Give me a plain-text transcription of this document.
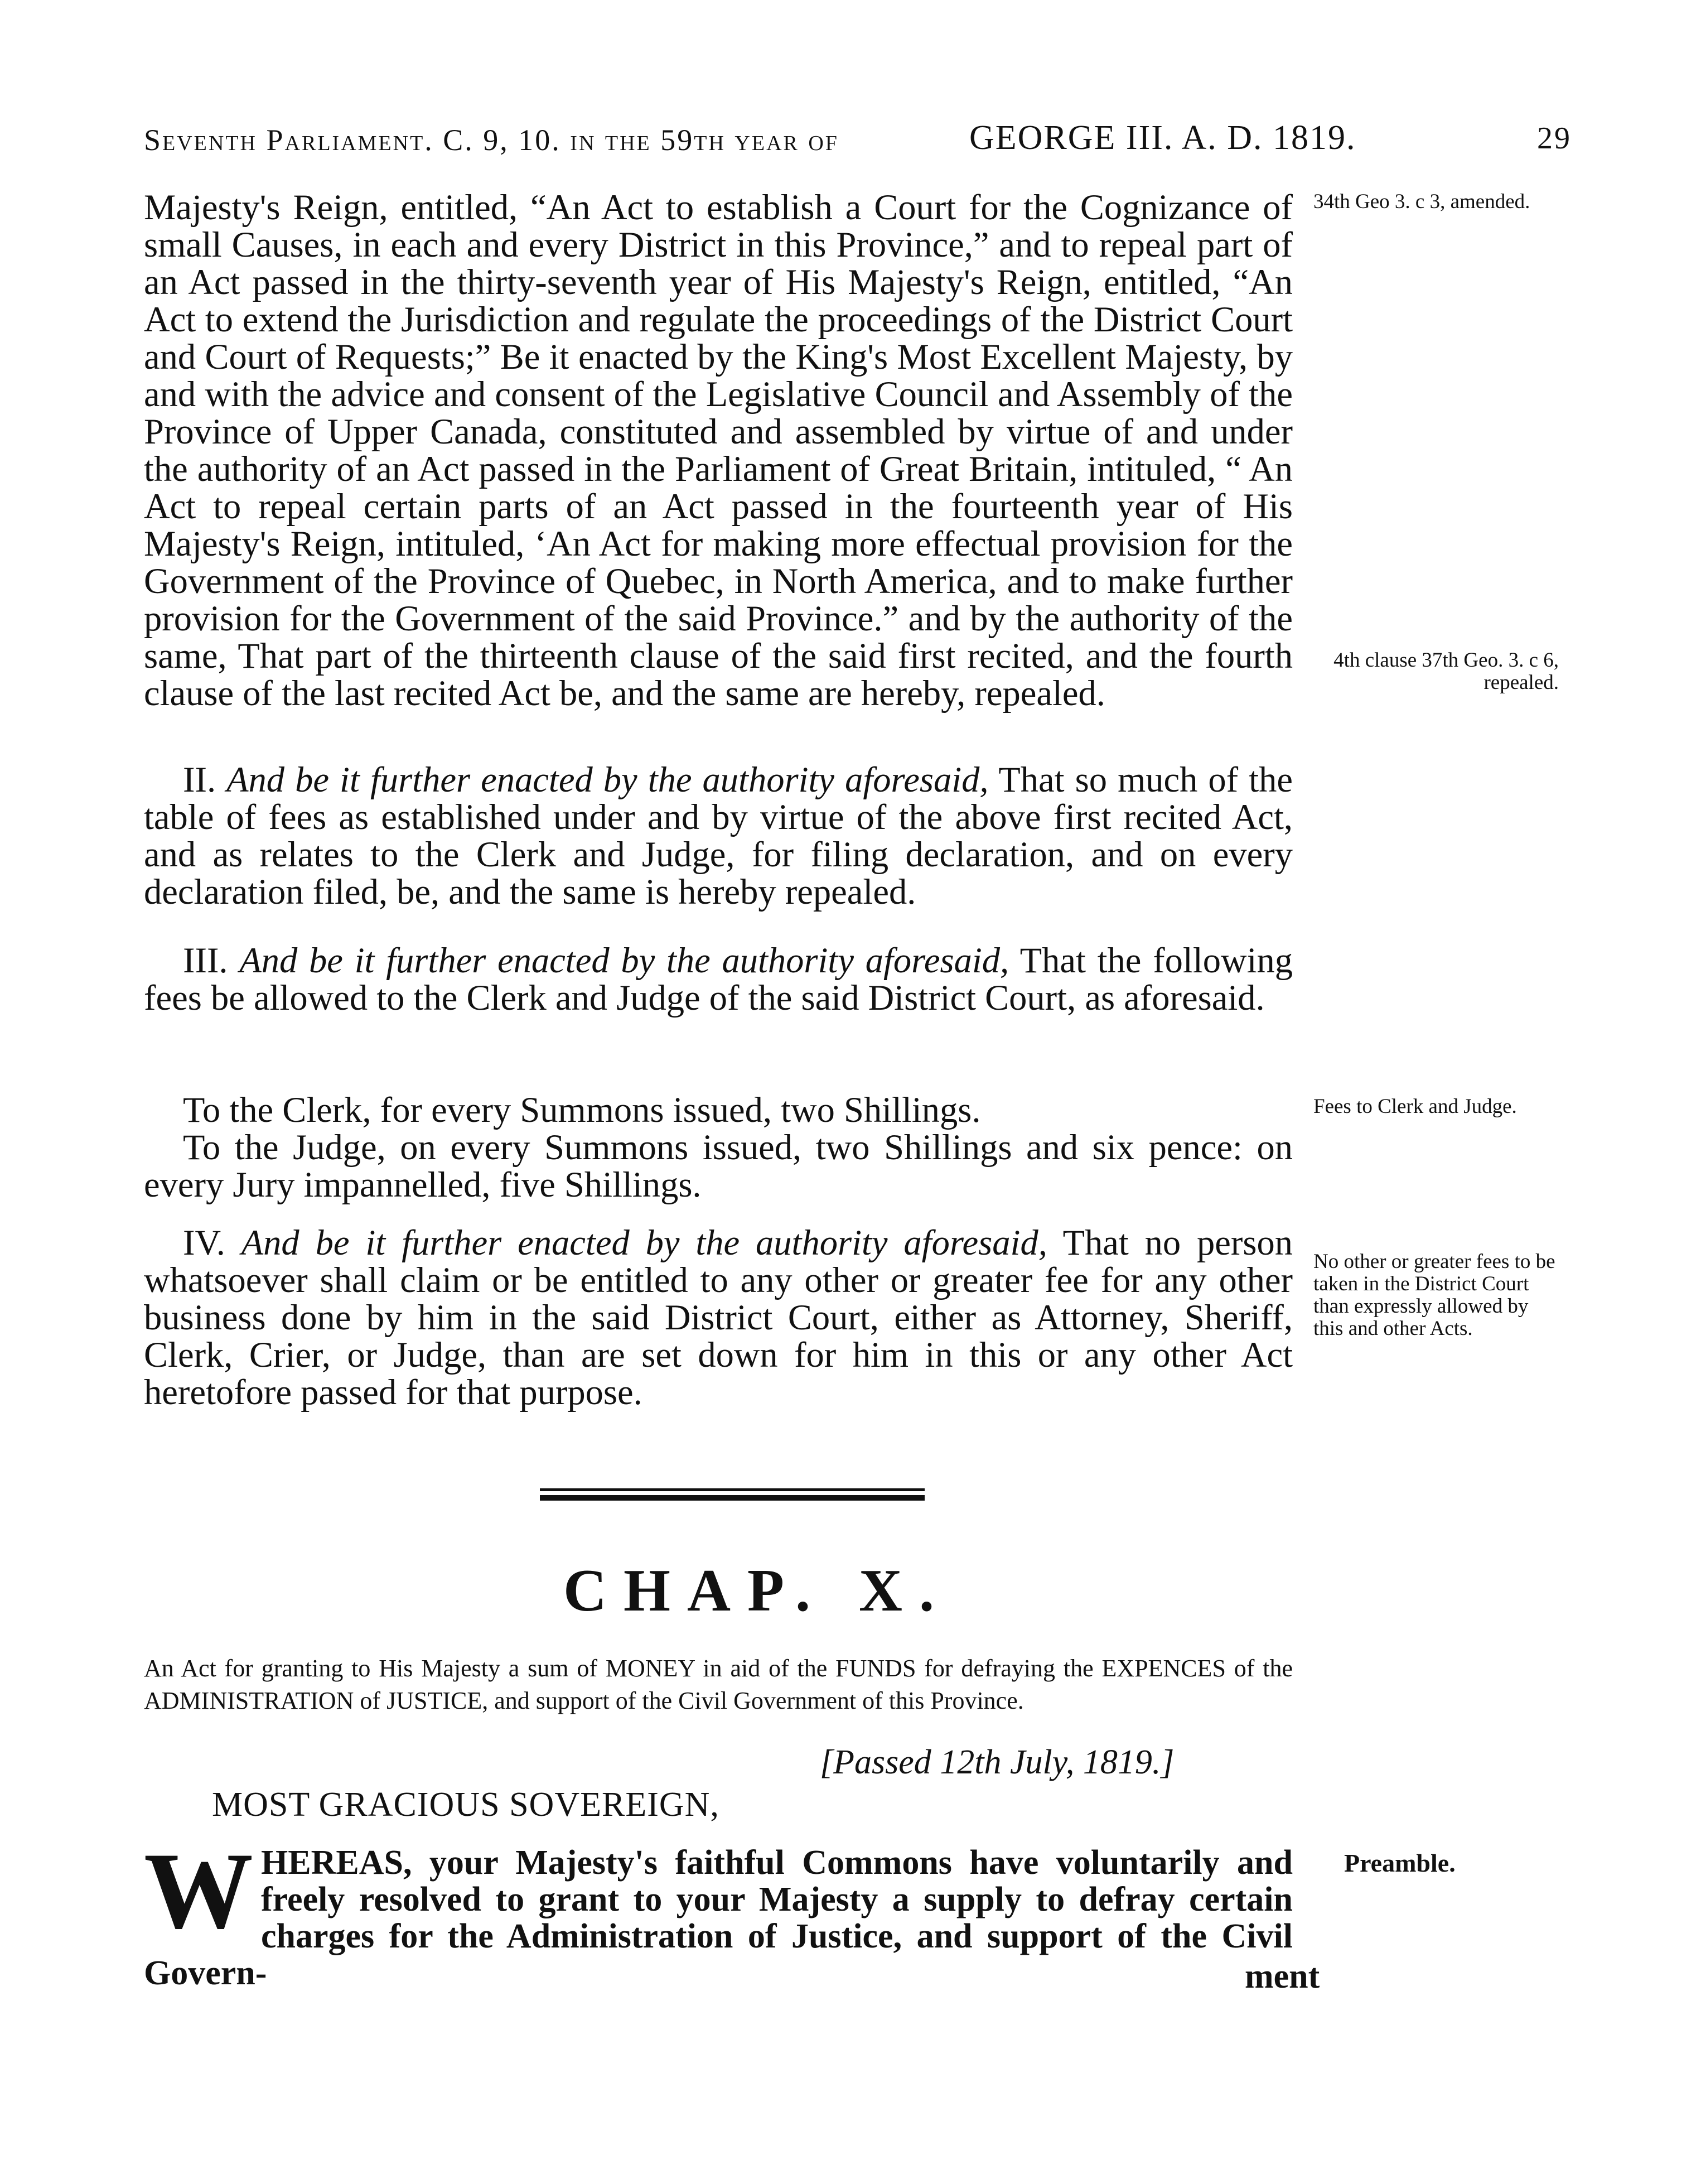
Seventh Parliament. C. 9, 10. in the 59th year of	GEORGE III. A. D. 1819.	29

Majesty's Reign, entitled, “An Act to establish a Court for the Cognizance of small Causes, in each and every District in this Province,” and to repeal part of an Act passed in the thirty-seventh year of His Majesty's Reign, entitled, “An Act to extend the Jurisdiction and regulate the proceedings of the District Court and Court of Requests;” Be it enacted by the King's Most Excellent Majesty, by and with the advice and consent of the Legislative Council and Assembly of the Province of Upper Canada, constituted and assembled by virtue of and under the authority of an Act passed in the Parliament of Great Britain, intituled, “ An Act to repeal certain parts of an Act passed in the fourteenth year of His Majesty's Reign, intituled, ‘An Act for making more effectual provision for the Government of the Province of Quebec, in North America, and to make further provision for the Government of the said Province.” and by the authority of the same, That part of the thirteenth clause of the said first recited, and the fourth clause of the last recited Act be, and the same are hereby, repealed.

II. And be it further enacted by the authority aforesaid, That so much of the table of fees as established under and by virtue of the above first recited Act, and as relates to the Clerk and Judge, for filing declaration, and on every declaration filed, be, and the same is hereby repealed.

III. And be it further enacted by the authority aforesaid, That the following fees be allowed to the Clerk and Judge of the said District Court, as aforesaid.

To the Clerk, for every Summons issued, two Shillings.

To the Judge, on every Summons issued, two Shillings and six pence: on every Jury impannelled, five Shillings.

IV. And be it further enacted by the authority aforesaid, That no person whatsoever shall claim or be entitled to any other or greater fee for any other business done by him in the said District Court, either as Attorney, Sheriff, Clerk, Crier, or Judge, than are set down for him in this or any other Act heretofore passed for that purpose.

34th Geo 3. c 3, amended.
4th clause 37th Geo. 3. c 6, repealed.
Fees to Clerk and Judge.
No other or greater fees to be taken in the District Court than expressly allowed by this and other Acts.
CHAP. X.
An Act for granting to His Majesty a sum of MONEY in aid of the FUNDS for defraying the EXPENCES of the ADMINISTRATION of JUSTICE, and support of the Civil Government of this Province.
[Passed 12th July, 1819.]
MOST GRACIOUS SOVEREIGN,
W HEREAS, your Majesty's faithful Commons have voluntarily and freely resolved to grant to your Majesty a supply to defray certain charges for the Administration of Justice, and support of the Civil Govern-
Preamble.
ment
